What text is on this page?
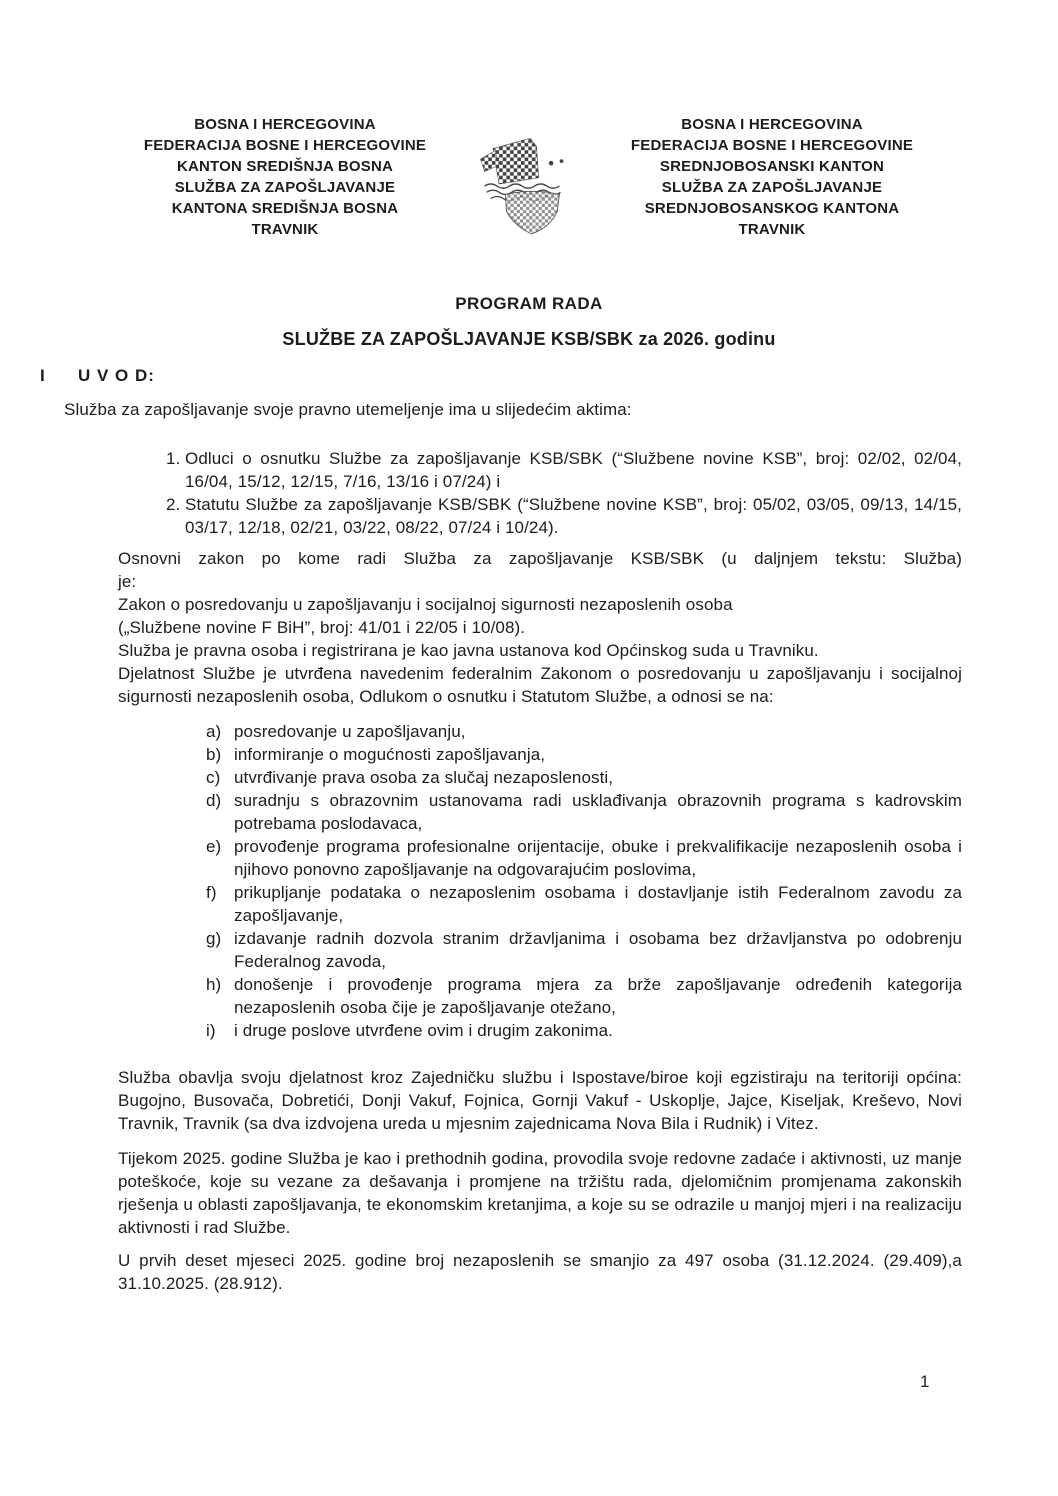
BOSNA I HERCEGOVINA
FEDERACIJA BOSNE I HERCEGOVINE
KANTON SREDIŠNJA BOSNA
SLUŽBA ZA ZAPOŠLJAVANJE
KANTONA SREDIŠNJA BOSNA
TRAVNIK
BOSNA I HERCEGOVINA
FEDERACIJA BOSNE I HERCEGOVINE
SREDNJOBOSANSKI KANTON
SLUŽBA ZA ZAPOŠLJAVANJE
SREDNJOBOSANSKOG KANTONA
TRAVNIK
PROGRAM RADA
SLUŽBE ZA ZAPOŠLJAVANJE KSB/SBK za 2026. godinu
I	U V O D:

Služba za zapošljavanje svoje pravno utemeljenje ima u slijedećim aktima:

1. Odluci o osnutku Službe za zapošljavanje KSB/SBK (“Službene novine KSB”, broj: 02/02, 02/04, 16/04, 15/12, 12/15, 7/16, 13/16 i 07/24) i
2. Statutu Službe za zapošljavanje KSB/SBK (“Službene novine KSB”, broj: 05/02, 03/05, 09/13, 14/15, 03/17, 12/18, 02/21, 03/22, 08/22, 07/24 i 10/24).

Osnovni zakon po kome radi Služba za zapošljavanje KSB/SBK (u daljnjem tekstu: Služba)

je:

Zakon o posredovanju u zapošljavanju i socijalnoj sigurnosti nezaposlenih osoba

(„Službene novine F BiH”, broj: 41/01 i 22/05 i 10/08).

Služba je pravna osoba i registrirana je kao javna ustanova kod Općinskog suda u Travniku.

Djelatnost Službe je utvrđena navedenim federalnim Zakonom o posredovanju u zapošljavanju i socijalnoj sigurnosti nezaposlenih osoba, Odlukom o osnutku i Statutom Službe, a odnosi se na:

a) posredovanje u zapošljavanju,
b) informiranje o mogućnosti zapošljavanja,
c) utvrđivanje prava osoba za slučaj nezaposlenosti,
d) suradnju s obrazovnim ustanovama radi usklađivanja obrazovnih programa s kadrovskim potrebama poslodavaca,
e) provođenje programa profesionalne orijentacije, obuke i prekvalifikacije nezaposlenih osoba i njihovo ponovno zapošljavanje na odgovarajućim poslovima,
f)	prikupljanje podataka o nezaposlenim osobama i dostavljanje istih Federalnom zavodu za zapošljavanje,
g) izdavanje radnih dozvola stranim državljanima i osobama bez državljanstva po odobrenju Federalnog zavoda,
h) donošenje i provođenje programa mjera za brže zapošljavanje određenih kategorija nezaposlenih osoba čije je zapošljavanje otežano,
i)	i druge poslove utvrđene ovim i drugim zakonima.

Služba obavlja svoju djelatnost kroz Zajedničku službu i Ispostave/biroe koji egzistiraju na teritoriji općina: Bugojno, Busovača, Dobretići, Donji Vakuf, Fojnica, Gornji Vakuf - Uskoplje, Jajce, Kiseljak, Kreševo, Novi Travnik, Travnik (sa dva izdvojena ureda u mjesnim zajednicama Nova Bila i Rudnik) i Vitez.

Tijekom 2025. godine Služba je kao i prethodnih godina, provodila svoje redovne zadaće i aktivnosti, uz manje poteškoće, koje su vezane za dešavanja i promjene na tržištu rada, djelomičnim promjenama zakonskih rješenja u oblasti zapošljavanja, te ekonomskim kretanjima, a koje su se odrazile u manjoj mjeri i na realizaciju aktivnosti i rad Službe.

U prvih deset mjeseci 2025. godine broj nezaposlenih se smanjio za 497 osoba (31.12.2024. (29.409),a 31.10.2025. (28.912).

1
